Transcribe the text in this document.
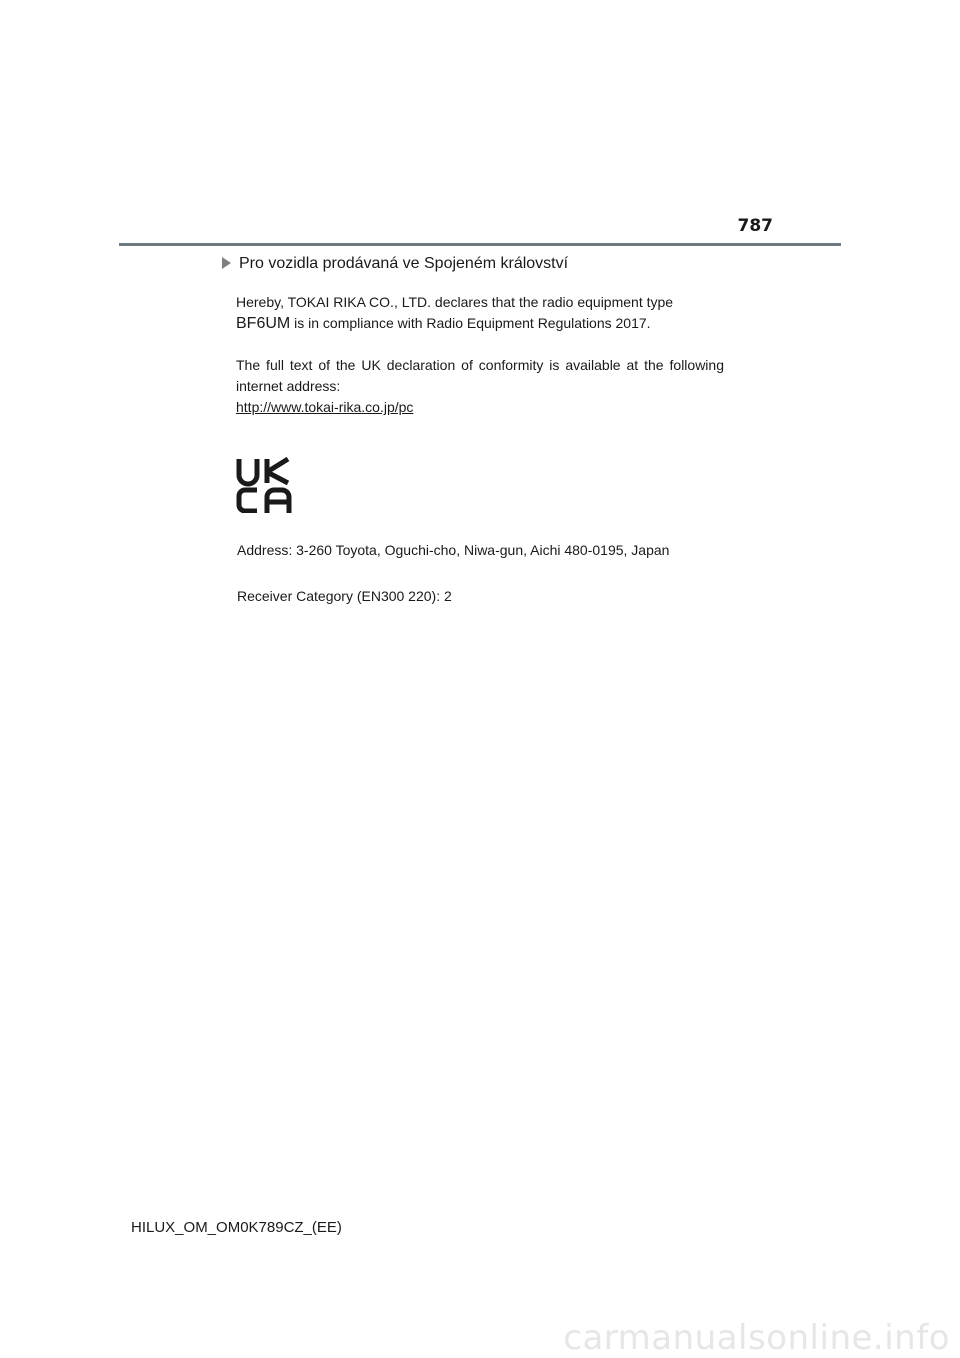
787
Pro vozidla prodávaná ve Spojeném království

Hereby, TOKAI RIKA CO., LTD. declares that the radio equipment type

BF6UM is in compliance with Radio Equipment Regulations 2017.

The full text of the UK declaration of conformity is available at the following internet address:

http://www.tokai-rika.co.jp/pc

Address: 3-260 Toyota, Oguchi-cho, Niwa-gun, Aichi 480-0195, Japan
Receiver Category (EN300 220): 2
HILUX_OM_OM0K789CZ_(EE)
carmanualsonline.info
